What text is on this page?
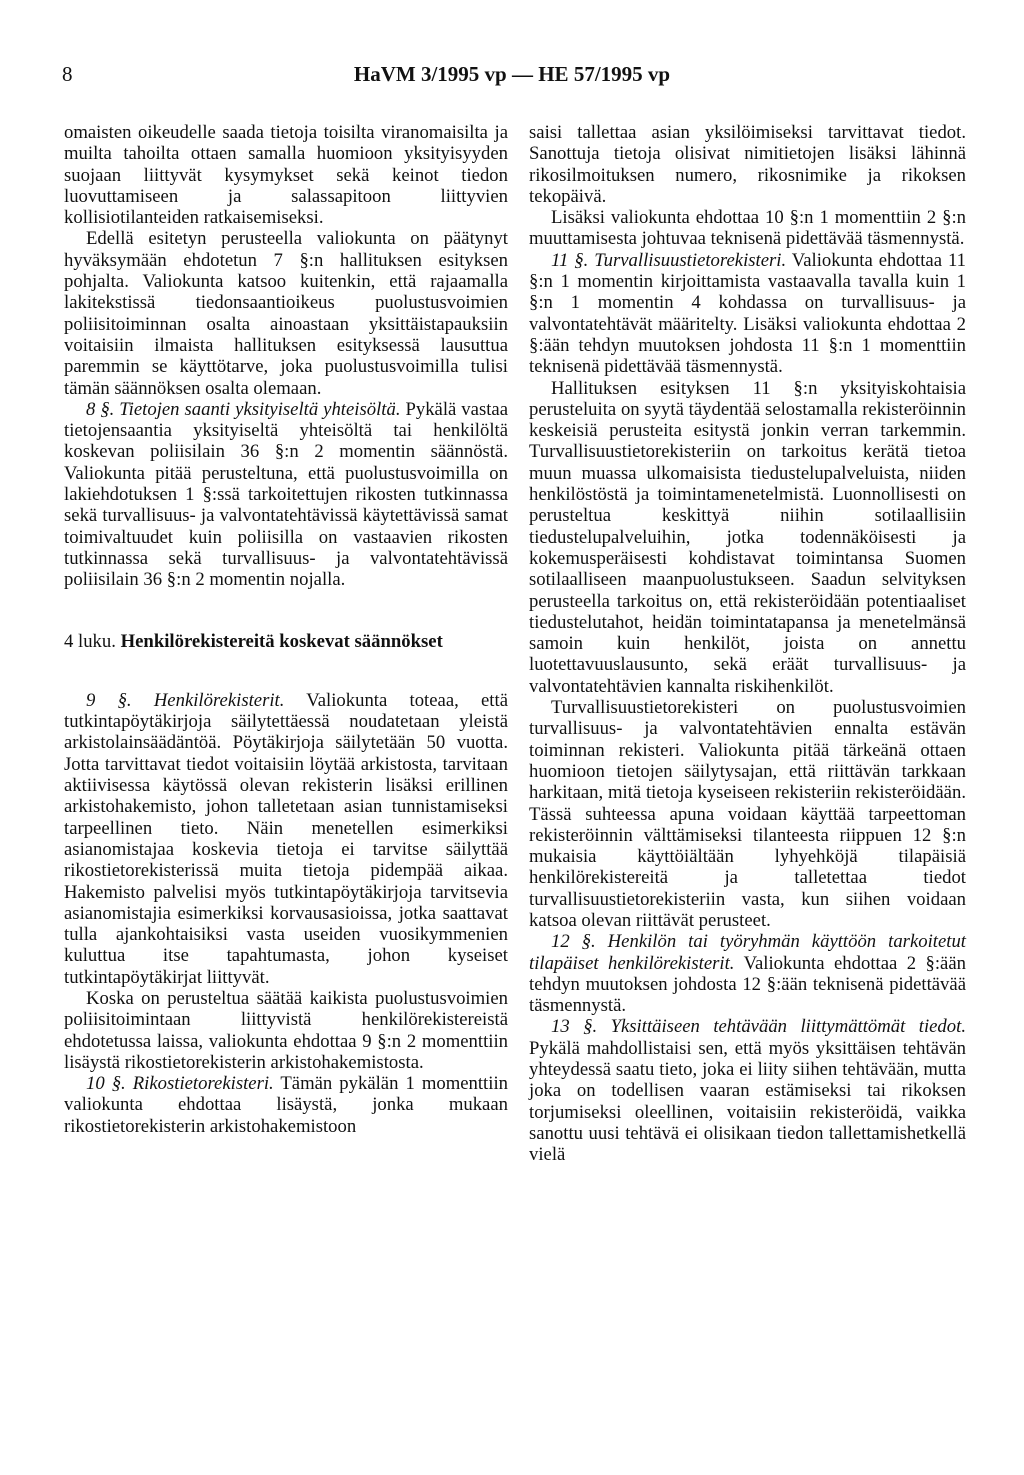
8	HaVM 3/1995 vp — HE 57/1995 vp

omaisten oikeudelle saada tietoja toisilta viranomaisilta ja muilta tahoilta ottaen samalla huomioon yksityisyyden suojaan liittyvät kysymykset sekä keinot tiedon luovuttamiseen ja salassapitoon liittyvien kollisiotilanteiden ratkaisemiseksi.

Edellä esitetyn perusteella valiokunta on päätynyt hyväksymään ehdotetun 7 §:n hallituksen esityksen pohjalta. Valiokunta katsoo kuitenkin, että rajaamalla lakitekstissä tiedonsaantioikeus puolustusvoimien poliisitoiminnan osalta ainoastaan yksittäistapauksiin voitaisiin ilmaista hallituksen esityksessä lausuttua paremmin se käyttötarve, joka puolustusvoimilla tulisi tämän säännöksen osalta olemaan.

8 §. Tietojen saanti yksityiseltä yhteisöltä. Pykälä vastaa tietojensaantia yksityiseltä yhteisöltä tai henkilöltä koskevan poliisilain 36 §:n 2 momentin säännöstä. Valiokunta pitää perusteltuna, että puolustusvoimilla on lakiehdotuksen 1 §:ssä tarkoitettujen rikosten tutkinnassa sekä turvallisuus- ja valvontatehtävissä käytettävissä samat toimivaltuudet kuin poliisilla on vastaavien rikosten tutkinnassa sekä turvallisuus- ja valvontatehtävissä poliisilain 36 §:n 2 momentin nojalla.

4 luku. Henkilörekistereitä koskevat säännökset

9 §. Henkilörekisterit. Valiokunta toteaa, että tutkintapöytäkirjoja säilytettäessä noudatetaan yleistä arkistolainsäädäntöä. Pöytäkirjoja säilytetään 50 vuotta. Jotta tarvittavat tiedot voitaisiin löytää arkistosta, tarvitaan aktiivisessa käytössä olevan rekisterin lisäksi erillinen arkistohakemisto, johon talletetaan asian tunnistamiseksi tarpeellinen tieto. Näin menetellen esimerkiksi asianomistajaa koskevia tietoja ei tarvitse säilyttää rikostietorekisterissä muita tietoja pidempää aikaa. Hakemisto palvelisi myös tutkintapöytäkirjoja tarvitsevia asianomistajia esimerkiksi korvausasioissa, jotka saattavat tulla ajankohtaisiksi vasta useiden vuosikymmenien kuluttua itse tapahtumasta, johon kyseiset tutkintapöytäkirjat liittyvät.

Koska on perusteltua säätää kaikista puolustusvoimien poliisitoimintaan liittyvistä henkilörekistereistä ehdotetussa laissa, valiokunta ehdottaa 9 §:n 2 momenttiin lisäystä rikostietorekisterin arkistohakemistosta.

10 §. Rikostietorekisteri. Tämän pykälän 1 momenttiin valiokunta ehdottaa lisäystä, jonka mukaan rikostietorekisterin arkistohakemistoon

saisi tallettaa asian yksilöimiseksi tarvittavat tiedot. Sanottuja tietoja olisivat nimitietojen lisäksi lähinnä rikosilmoituksen numero, rikosnimike ja rikoksen tekopäivä.

Lisäksi valiokunta ehdottaa 10 §:n 1 momenttiin 2 §:n muuttamisesta johtuvaa teknisenä pidettävää täsmennystä.

11 §. Turvallisuustietorekisteri. Valiokunta ehdottaa 11 §:n 1 momentin kirjoittamista vastaavalla tavalla kuin 1 §:n 1 momentin 4 kohdassa on turvallisuus- ja valvontatehtävät määritelty. Lisäksi valiokunta ehdottaa 2 §:ään tehdyn muutoksen johdosta 11 §:n 1 momenttiin teknisenä pidettävää täsmennystä.

Hallituksen esityksen 11 §:n yksityiskohtaisia perusteluita on syytä täydentää selostamalla rekisteröinnin keskeisiä perusteita esitystä jonkin verran tarkemmin. Turvallisuustietorekisteriin on tarkoitus kerätä tietoa muun muassa ulkomaisista tiedustelupalveluista, niiden henkilöstöstä ja toimintamenetelmistä. Luonnollisesti on perusteltua keskittyä niihin sotilaallisiin tiedustelupalveluihin, jotka todennäköisesti ja kokemusperäisesti kohdistavat toimintansa Suomen sotilaalliseen maanpuolustukseen. Saadun selvityksen perusteella tarkoitus on, että rekisteröidään potentiaaliset tiedustelutahot, heidän toimintatapansa ja menetelmänsä samoin kuin henkilöt, joista on annettu luotettavuuslausunto, sekä eräät turvallisuus- ja valvontatehtävien kannalta riskihenkilöt.

Turvallisuustietorekisteri on puolustusvoimien turvallisuus- ja valvontatehtävien ennalta estävän toiminnan rekisteri. Valiokunta pitää tärkeänä ottaen huomioon tietojen säilytysajan, että riittävän tarkkaan harkitaan, mitä tietoja kyseiseen rekisteriin rekisteröidään. Tässä suhteessa apuna voidaan käyttää tarpeettoman rekisteröinnin välttämiseksi tilanteesta riippuen 12 §:n mukaisia käyttöiältään lyhyehköjä tilapäisiä henkilörekistereitä ja talletettaa tiedot turvallisuustietorekisteriin vasta, kun siihen voidaan katsoa olevan riittävät perusteet.

12 §. Henkilön tai työryhmän käyttöön tarkoitetut tilapäiset henkilörekisterit. Valiokunta ehdottaa 2 §:ään tehdyn muutoksen johdosta 12 §:ään teknisenä pidettävää täsmennystä.

13 §. Yksittäiseen tehtävään liittymättömät tiedot. Pykälä mahdollistaisi sen, että myös yksittäisen tehtävän yhteydessä saatu tieto, joka ei liity siihen tehtävään, mutta joka on todellisen vaaran estämiseksi tai rikoksen torjumiseksi oleellinen, voitaisiin rekisteröidä, vaikka sanottu uusi tehtävä ei olisikaan tiedon tallettamishetkellä vielä
